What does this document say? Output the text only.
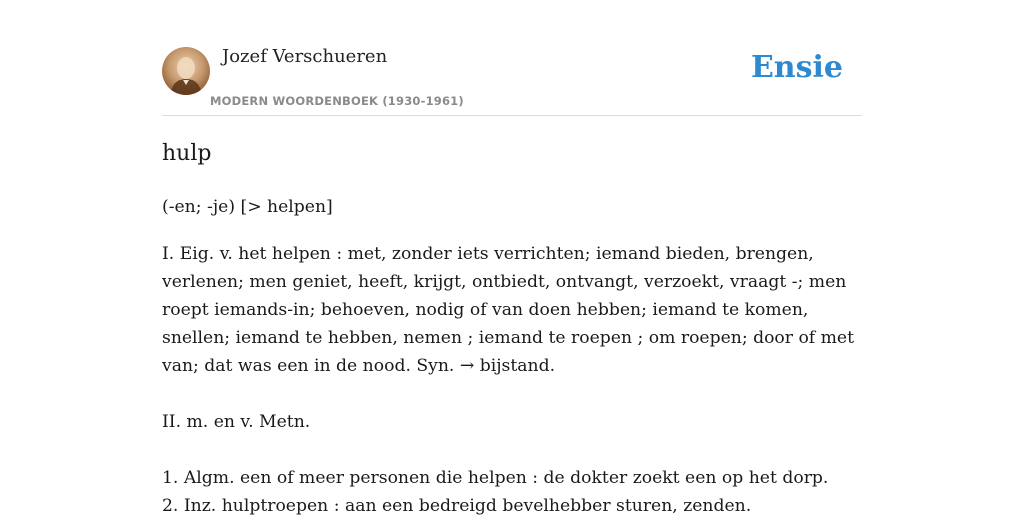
Jozef Verschueren
MODERN WOORDENBOEK (1930-1961)
Ensie
hulp

(-en; -je) [> helpen]

I. Eig. v. het helpen : met, zonder iets verrichten; iemand bieden, brengen, verlenen; men geniet, heeft, krijgt, ontbiedt, ontvangt, verzoekt, vraagt -; men roept iemands-in; behoeven, nodig of van doen hebben; iemand te komen, snellen; iemand te hebben, nemen ; iemand te roepen ; om roepen; door of met van; dat was een in de nood. Syn. → bijstand.

II. m. en v. Metn.

1. Algm. een of meer personen die helpen : de dokter zoekt een op het dorp.

2. Inz. hulptroepen : aan een bedreigd bevelhebber sturen, zenden.
